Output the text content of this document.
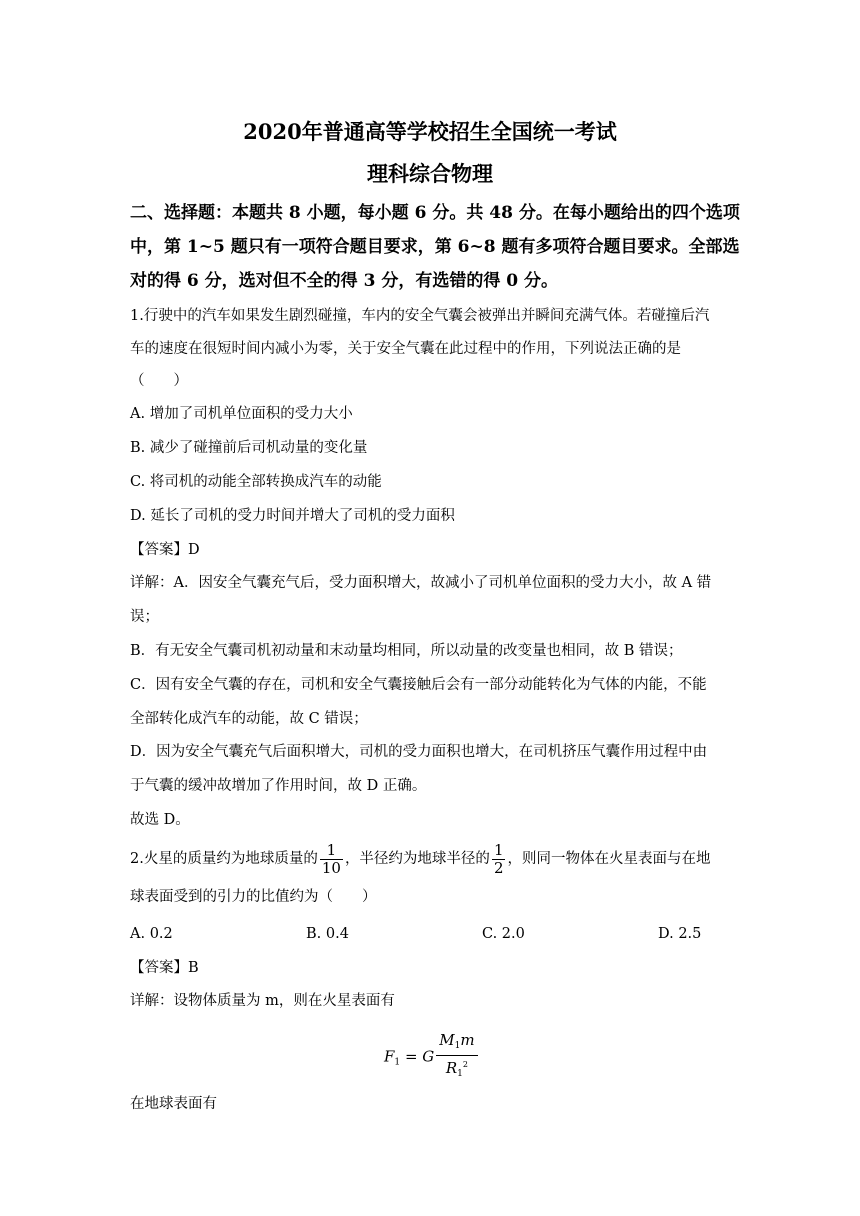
2020年普通高等学校招生全国统一考试
理科综合物理
二、选择题：本题共 8 小题，每小题 6 分。共 48 分。在每小题给出的四个选项
中，第 1~5 题只有一项符合题目要求，第 6~8 题有多项符合题目要求。全部选
对的得 6 分，选对但不全的得 3 分，有选错的得 0 分。
1.行驶中的汽车如果发生剧烈碰撞，车内的安全气囊会被弹出并瞬间充满气体。若碰撞后汽
车的速度在很短时间内减小为零，关于安全气囊在此过程中的作用，下列说法正确的是
（　　）
A. 增加了司机单位面积的受力大小
B. 减少了碰撞前后司机动量的变化量
C. 将司机的动能全部转换成汽车的动能
D. 延长了司机的受力时间并增大了司机的受力面积
【答案】D
详解：A．因安全气囊充气后，受力面积增大，故减小了司机单位面积的受力大小，故 A 错
误；
B．有无安全气囊司机初动量和末动量均相同，所以动量的改变量也相同，故 B 错误；
C．因有安全气囊的存在，司机和安全气囊接触后会有一部分动能转化为气体的内能，不能
全部转化成汽车的动能，故 C 错误；
D．因为安全气囊充气后面积增大，司机的受力面积也增大，在司机挤压气囊作用过程中由
于气囊的缓冲故增加了作用时间，故 D 正确。
故选 D。
2.火星的质量约为地球质量的 $\frac{1}{10}$ ，半径约为地球半径的 $\frac{1}{2}$ ，则同一物体在火星表面与在地
球表面受到的引力的比值约为（　　）
A. 0.2	B. 0.4	C. 2.0	D. 2.5
【答案】B
详解：设物体质量为 m，则在火星表面有
$F_1 = G \frac{M_1m}{R_1^2}$
在地球表面有
